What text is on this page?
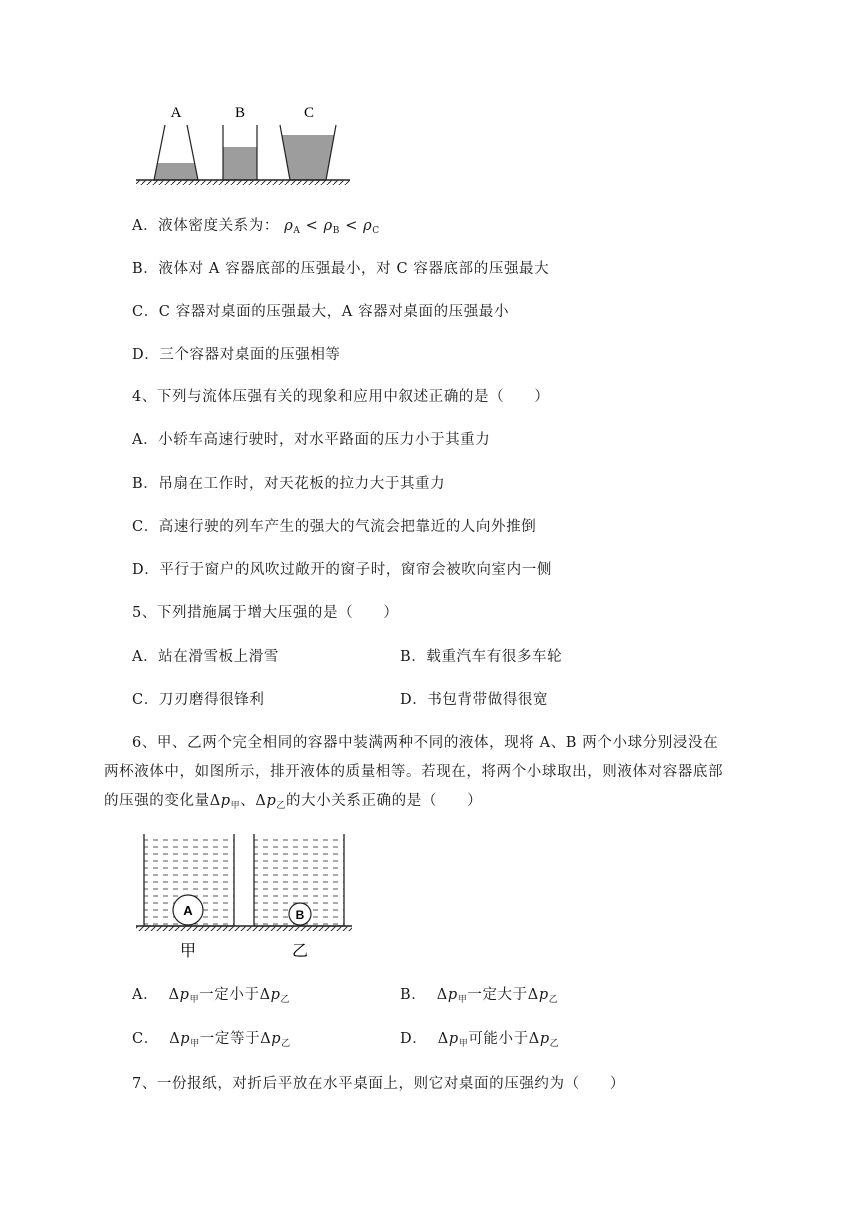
A	B	C
A．液体密度关系为： $\rho_A < \rho_B < \rho_C$
B．液体对 A 容器底部的压强最小，对 C 容器底部的压强最大
C．C 容器对桌面的压强最大，A 容器对桌面的压强最小
D．三个容器对桌面的压强相等
4、下列与流体压强有关的现象和应用中叙述正确的是（　　）
A．小轿车高速行驶时，对水平路面的压力小于其重力
B．吊扇在工作时，对天花板的拉力大于其重力
C．高速行驶的列车产生的强大的气流会把靠近的人向外推倒
D．平行于窗户的风吹过敞开的窗子时，窗帘会被吹向室内一侧
5、下列措施属于增大压强的是（　　）
A．站在滑雪板上滑雪	B．载重汽车有很多车轮
C．刀刃磨得很锋利	D．书包背带做得很宽
6、甲、乙两个完全相同的容器中装满两种不同的液体，现将 A、B 两个小球分别浸没在两杯液体中，如图所示，排开液体的质量相等。若现在，将两个小球取出，则液体对容器底部的压强的变化量$\Delta p_甲$、$\Delta p_乙$的大小关系正确的是（　　）
A	B
甲	乙
A． $\Delta p_甲$一定小于$\Delta p_乙$	B． $\Delta p_甲$一定大于$\Delta p_乙$
C． $\Delta p_甲$一定等于$\Delta p_乙$	D． $\Delta p_甲$可能小于$\Delta p_乙$
7、一份报纸，对折后平放在水平桌面上，则它对桌面的压强约为（　　）
